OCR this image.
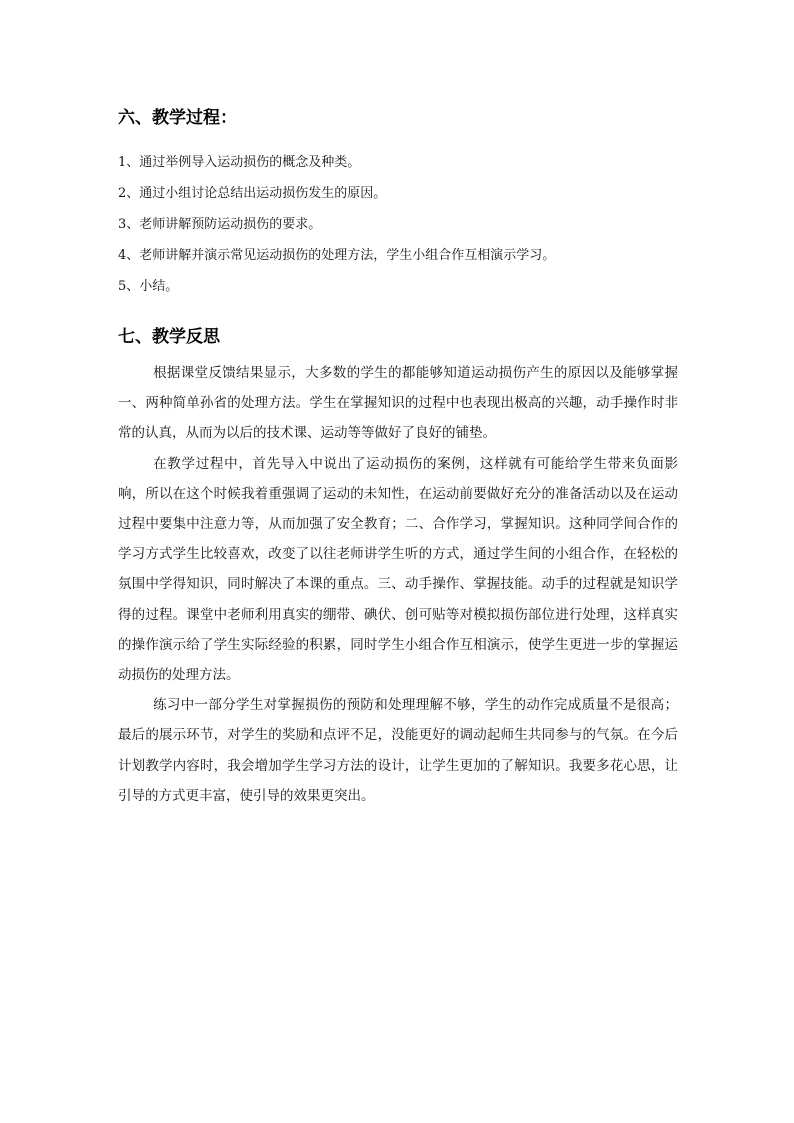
六、教学过程：
1、通过举例导入运动损伤的概念及种类。
2、通过小组讨论总结出运动损伤发生的原因。
3、老师讲解预防运动损伤的要求。
4、老师讲解并演示常见运动损伤的处理方法，学生小组合作互相演示学习。
5、小结。
七、教学反思

根据课堂反馈结果显示，大多数的学生的都能够知道运动损伤产生的原因以及能够掌握一、两种简单孙省的处理方法。学生在掌握知识的过程中也表现出极高的兴趣，动手操作时非常的认真，从而为以后的技术课、运动等等做好了良好的铺垫。

在教学过程中，首先导入中说出了运动损伤的案例，这样就有可能给学生带来负面影响，所以在这个时候我着重强调了运动的未知性，在运动前要做好充分的准备活动以及在运动过程中要集中注意力等，从而加强了安全教育；二、合作学习，掌握知识。这种同学间合作的学习方式学生比较喜欢，改变了以往老师讲学生听的方式，通过学生间的小组合作，在轻松的氛围中学得知识，同时解决了本课的重点。三、动手操作、掌握技能。动手的过程就是知识学得的过程。课堂中老师利用真实的绷带、碘伏、创可贴等对模拟损伤部位进行处理，这样真实的操作演示给了学生实际经验的积累，同时学生小组合作互相演示，使学生更进一步的掌握运动损伤的处理方法。

练习中一部分学生对掌握损伤的预防和处理理解不够，学生的动作完成质量不是很高；最后的展示环节，对学生的奖励和点评不足，没能更好的调动起师生共同参与的气氛。在今后计划教学内容时，我会增加学生学习方法的设计，让学生更加的了解知识。我要多花心思，让引导的方式更丰富，使引导的效果更突出。
